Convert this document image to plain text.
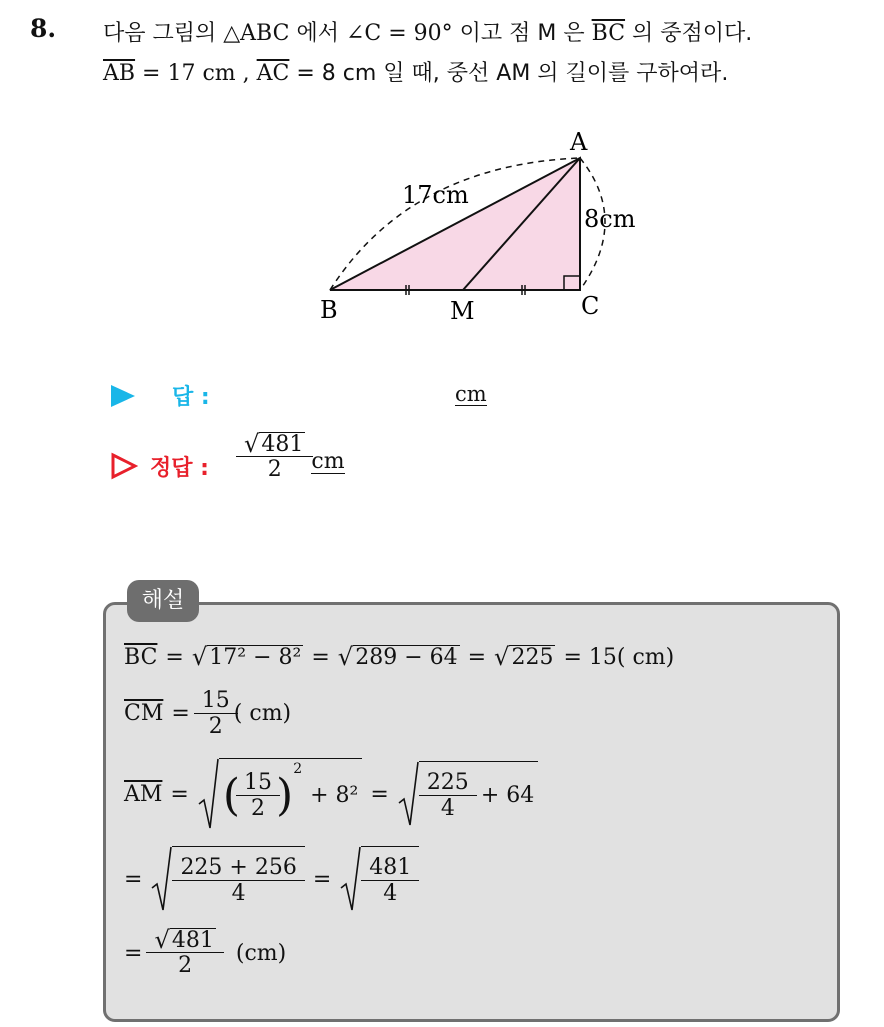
8. 다음 그림의 △ABC 에서 ∠C = 90° 이고 점 M 은 $\overline{BC}$ 의 중점이다.
$\overline{AB} = 17$ cm , $\overline{AC} = 8$ cm 일 때, 중선 AM 의 길이를 구하여라.
A
B	C
M
17cm
8cm
답 :	cm
정답 : $\frac{√ 481}{2}$ cm
해설
$\overline{BC}$ = √ 17² − 8² = √ 289 − 64 = √ 225 = 15( cm)
$\overline{CM} = \frac{15}{2}$ ( cm)
$\overline{AM}$ = ( $\frac{15}{2}$ )
$^2$
+ $8^2 = \frac{225}{4} + 64$
= $\frac{225 + 256}{4} = \frac{481}{4}$
= $\frac{√ 481}{2} (cm)$
